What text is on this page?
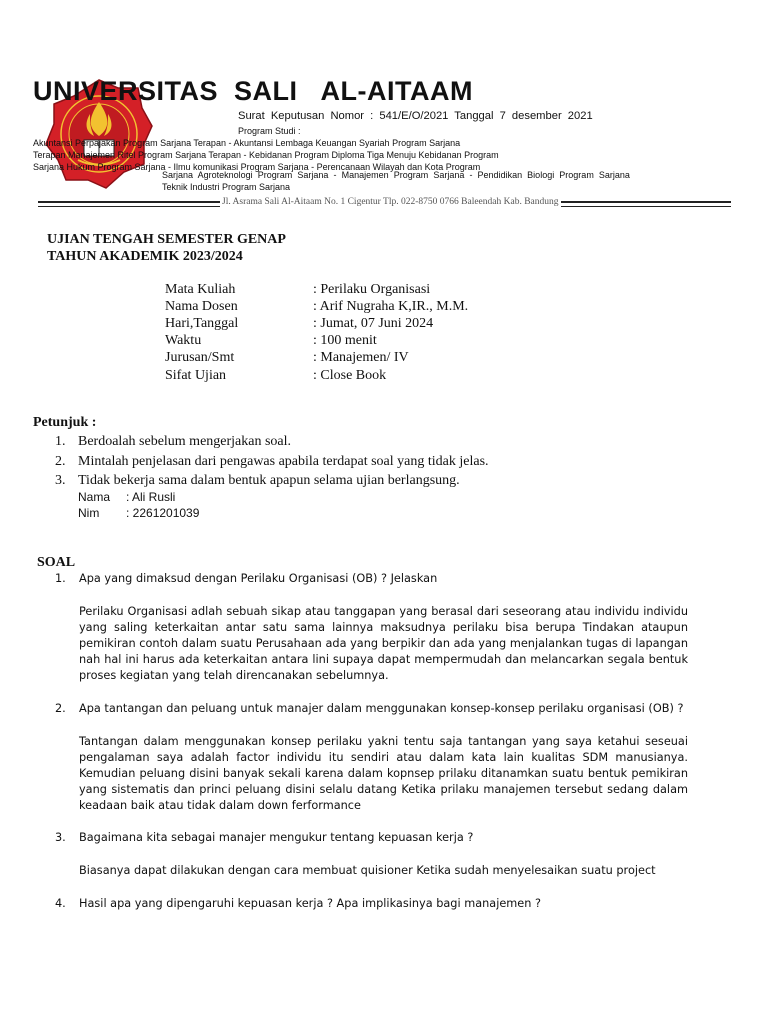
UNIVERSITAS  SALI   AL-AITAAM
Surat Keputusan Nomor : 541/E/O/2021 Tanggal 7 desember 2021
Program Studi :
Akuntansi Perpajakan Program Sarjana Terapan - Akuntansi Lembaga Keuangan Syariah Program Sarjana
Terapan Manajemen Ritel Program Sarjana Terapan - Kebidanan Program Diploma Tiga Menuju Kebidanan Program
Sarjana Hukum Program Sarjana - Ilmu komunikasi Program Sarjana - Perencanaan Wilayah dan Kota Program
Sarjana Agroteknologi Program Sarjana - Manajemen Program Sarjana - Pendidikan Biologi Program Sarjana
Teknik Industri Program Sarjana
Jl. Asrama Sali Al-Aitaam No. 1 Cigentur Tlp. 022-8750 0766 Baleendah Kab. Bandung
UJIAN TENGAH SEMESTER GENAP
TAHUN AKADEMIK 2023/2024
Mata Kuliah	: Perilaku Organisasi
Nama Dosen	: Arif Nugraha K,IR., M.M.
Hari,Tanggal	: Jumat, 07 Juni 2024
Waktu	: 100 menit
Jurusan/Smt	: Manajemen/ IV
Sifat Ujian	: Close Book
Petunjuk :
1. Berdoalah sebelum mengerjakan soal.
2. Mintalah penjelasan dari pengawas apabila terdapat soal yang tidak jelas.
3. Tidak bekerja sama dalam bentuk apapun selama ujian berlangsung.
Nama : Ali Rusli
Nim : 2261201039
SOAL
1. Apa yang dimaksud dengan Perilaku Organisasi (OB) ? Jelaskan
Perilaku Organisasi adlah sebuah sikap atau tanggapan yang berasal dari seseorang atau individu individu yang saling keterkaitan antar satu sama lainnya maksudnya perilaku bisa berupa Tindakan ataupun pemikiran contoh dalam suatu Perusahaan ada yang berpikir dan ada yang menjalankan tugas di lapangan nah hal ini harus ada keterkaitan antara lini supaya dapat mempermudah dan melancarkan segala bentuk proses kegiatan yang telah direncanakan sebelumnya.
2. Apa tantangan dan peluang untuk manajer dalam menggunakan konsep-konsep perilaku organisasi (OB) ?
Tantangan dalam menggunakan konsep perilaku yakni tentu saja tantangan yang saya ketahui seseuai pengalaman saya adalah factor individu itu sendiri atau dalam kata lain kualitas SDM manusianya. Kemudian peluang disini banyak sekali karena dalam kopnsep prilaku ditanamkan suatu bentuk pemikiran yang sistematis dan princi peluang disini selalu datang Ketika prilaku manajemen tersebut sedang dalam keadaan baik atau tidak dalam down ferformance
3. Bagaimana kita sebagai manajer mengukur tentang kepuasan kerja ?
Biasanya dapat dilakukan dengan cara membuat quisioner Ketika sudah menyelesaikan suatu project
4. Hasil apa yang dipengaruhi kepuasan kerja ? Apa implikasinya bagi manajemen ?
